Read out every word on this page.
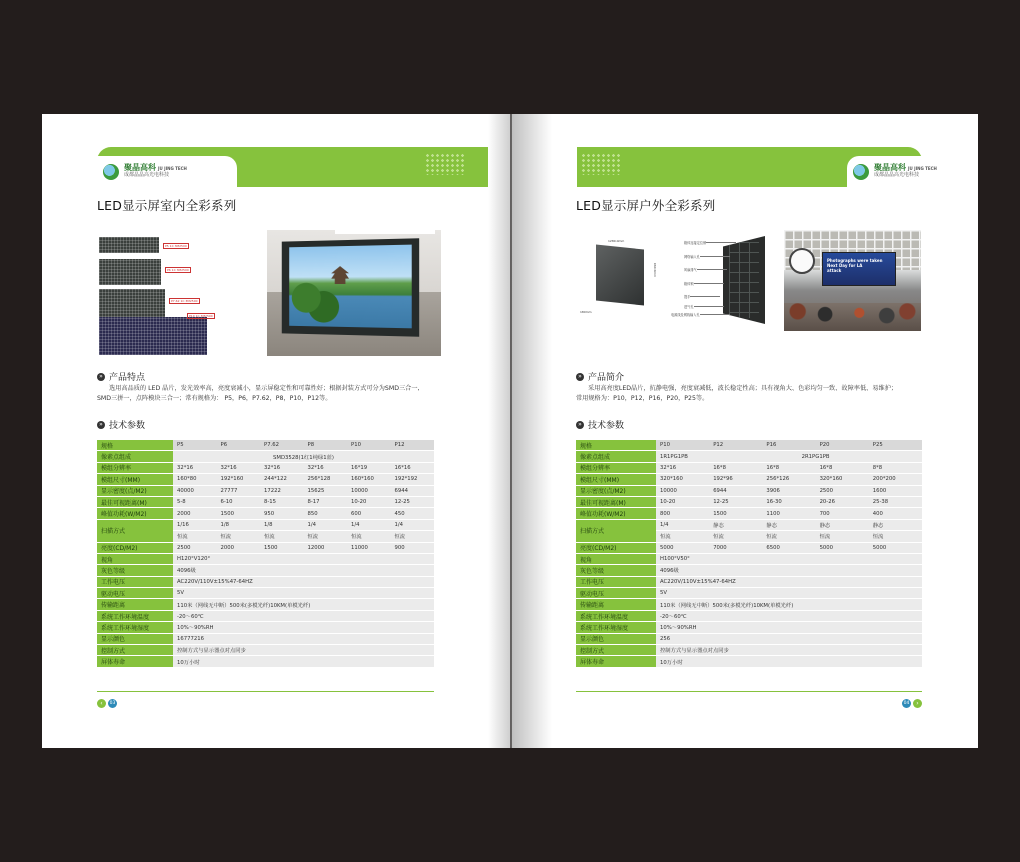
聚晶高科 JU JING TECH
成都晶晶高光电科技
LED显示屏室内全彩系列
P5 1C 3M2500
P6 1C 3M2500
P7.62 1C 3M2500
P10 1C 3M2500
» 产品特点

选用高品质的 LED 晶片，发光效率高，亮度衰减小，显示屏稳定性和可靠性好；根据封装方式可分为SMD三合一,

SMD三拼一，点阵模块三合一；常有规格为： P5，P6，P7.62，P8，P10，P12等。

» 技术参数
规格	P5	P6	P7.62	P8	P10	P12
像素点组成	SMD3528(1红1纯绿1蓝)					
模组分辨率	32*16	32*16	32*16	32*16	16*19	16*16
模组尺寸(MM)	160*80	192*160	244*122	256*128	160*160	192*192
显示密度(点/M2)	40000	27777	17222	15625	10000	6944
最佳可视距离(M)	5-8	6-10	8-15	8-17	10-20	12-25
峰值功耗(W/M2)	2000	1500	950	850	600	450
扫描方式	1/16	1/8	1/8	1/4	1/4	1/4
	恒流	恒流	恒流	恒流	恒流	恒流
亮度(CD/M2)	2500	2000	1500	12000	11000	900
视角	H120°V120°					
灰色等级	4096级					
工作电压	AC220V/110V±15%47-64HZ					
驱动电压	5V					
传输距离	110米（网线无中断）500米(多模光纤)10KM(单模光纤)					
系统工作环境温度	-20～60℃					
系统工作环境湿度	10%～90%RH					
显示颜色	16777216					
控制方式	控制方式与显示器点对点同步					
屏体寿命	10万小时					
‹	03
聚晶高科 JU JING TECH
成都晶晶高光电科技
LED显示屏户外全彩系列
1280.0mm
960.0mm
180mm
箱体连接定位销
网络输入孔
风扇排气
箱体锁
提手
进气孔
电源线及网线输入孔
Photographs were taken
Next Day for LA
attack
» 产品简介

采用高亮度LED晶片，抗静电强，亮度衰减低，波长稳定性高；具有视角大、色彩均匀一致、故障率低、易维护；

常用规格为：P10，P12，P16，P20，P25等。

» 技术参数
规格	P10	P12	P16	P20	P25
像素点组成	1R1PG1PB	2R1PG1PB			
模组分辨率	32*16	16*8	16*8	16*8	8*8
模组尺寸(MM)	320*160	192*96	256*126	320*160	200*200
显示密度(点/M2)	10000	6944	3906	2500	1600
最佳可视距离(M)	10-20	12-25	16-30	20-26	25-38
峰值功耗(W/M2)	800	1500	1100	700	400
扫描方式	1/4	静态	静态	静态	静态
	恒流	恒流	恒流	恒流	恒流
亮度(CD/M2)	5000	7000	6500	5000	5000
视角	H100°V50°				
灰色等级	4096级				
工作电压	AC220V/110V±15%47-64HZ				
驱动电压	5V				
传输距离	110米（网线无中断）500米(多模光纤)10KM(单模光纤)				
系统工作环境温度	-20～60℃				
系统工作环境湿度	10%～90%RH				
显示颜色	256				
控制方式	控制方式与显示器点对点同步				
屏体寿命	10万小时				
04	›
